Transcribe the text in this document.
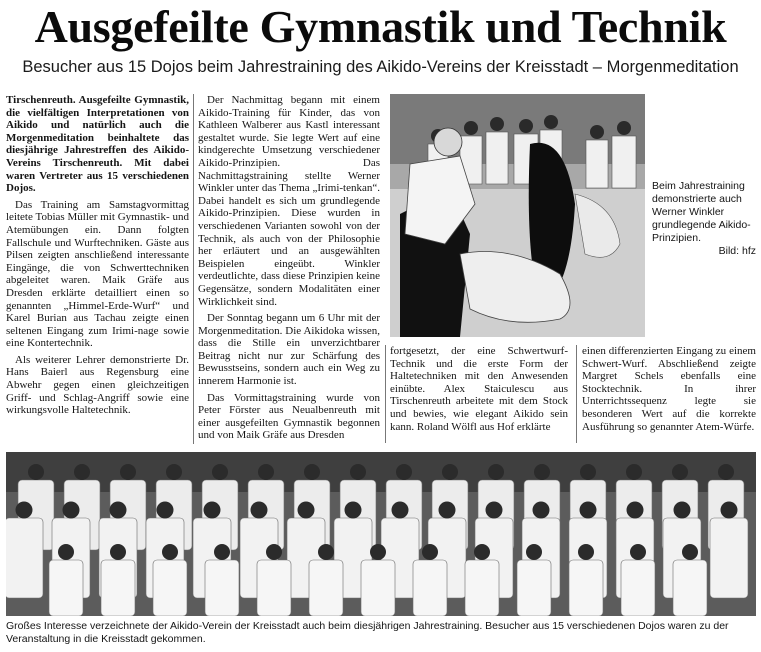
Ausgefeilte Gymnastik und Technik
Besucher aus 15 Dojos beim Jahrestraining des Aikido-Vereins der Kreisstadt – Morgenmeditation

Tirschenreuth. Ausgefeilte Gymnastik, die vielfältigen Interpretationen von Aikido und natürlich auch die Morgenmeditation beinhaltete das diesjährige Jahrestreffen des Aikido-Vereins Tirschenreuth. Mit dabei waren Vertreter aus 15 verschiedenen Dojos.

Das Training am Samstagvormittag leitete Tobias Müller mit Gymnastik- und Atemübungen ein. Dann folgten Fallschule und Wurftechniken. Gäste aus Pilsen zeigten anschließend interessante Eingänge, die von Schwerttechniken abgeleitet waren. Maik Gräfe aus Dresden erklärte detailliert einen so genannten „Himmel-Erde-Wurf“ und Karel Burian aus Tachau zeigte einen seltenen Eingang zum Irimi-nage sowie eine Kontertechnik.

Als weiterer Lehrer demonstrierte Dr. Hans Baierl aus Regensburg eine Abwehr gegen einen gleichzeitigen Griff- und Schlag-Angriff sowie eine wirkungsvolle Haltetechnik.

Der Nachmittag begann mit einem Aikido-Training für Kinder, das von Kathleen Walberer aus Kastl interessant gestaltet wurde. Sie legte Wert auf eine kindgerechte Umsetzung verschiedener Aikido-Prinzipien. Das Nachmittagstraining stellte Werner Winkler unter das Thema „Irimi-tenkan“. Dabei handelt es sich um grundlegende Aikido-Prinzipien. Diese wurden in verschiedenen Varianten sowohl von der Technik, als auch von der Philosophie her erläutert und an ausgewählten Beispielen eingeübt. Winkler verdeutlichte, dass diese Prinzipien keine Gegensätze, sondern Modalitäten einer Wirklichkeit sind.

Der Sonntag begann um 6 Uhr mit der Morgenmeditation. Die Aikidoka wissen, dass die Stille ein unverzichtbarer Beitrag nicht nur zur Schärfung des Bewusstseins, sondern auch ein Weg zu innerem Harmonie ist.

Das Vormittagstraining wurde von Peter Förster aus Neualbenreuth mit einer ausgefeilten Gymnastik begonnen und von Maik Gräfe aus Dresden

Beim Jahrestraining demonstrierte auch Werner Winkler grundlegende Aikido-Prinzipien.
Bild: hfz

fortgesetzt, der eine Schwertwurf-Technik und die erste Form der Haltetechniken mit den Anwesenden einübte. Alex Staiculescu aus Tirschenreuth arbeitete mit dem Stock und bewies, wie elegant Aikido sein kann. Roland Wölfl aus Hof erklärte

einen differenzierten Eingang zu einem Schwert-Wurf. Abschließend zeigte Margret Schels ebenfalls eine Stocktechnik. In ihrer Unterrichtssequenz legte sie besonderen Wert auf die korrekte Ausführung so genannter Atem-Würfe.

Großes Interesse verzeichnete der Aikido-Verein der Kreisstadt auch beim diesjährigen Jahrestraining. Besucher aus 15 verschiedenen Dojos waren zu der Veranstaltung in die Kreisstadt gekommen.
